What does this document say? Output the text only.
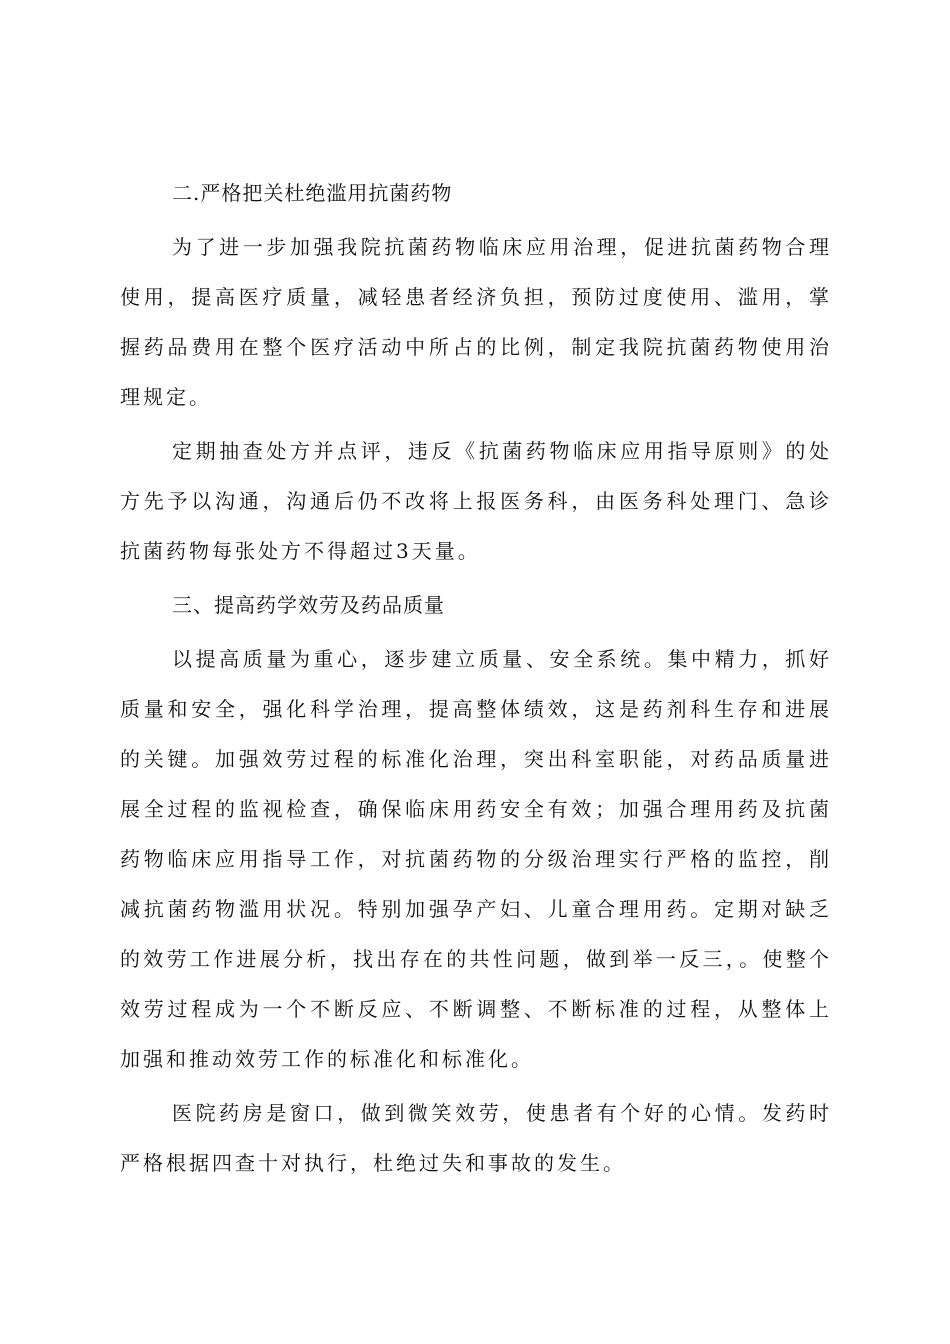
二.严格把关杜绝滥用抗菌药物

为了进一步加强我院抗菌药物临床应用治理，促进抗菌药物合理使用，提高医疗质量，减轻患者经济负担，预防过度使用、滥用，掌握药品费用在整个医疗活动中所占的比例，制定我院抗菌药物使用治理规定。

定期抽查处方并点评，违反《抗菌药物临床应用指导原则》的处方先予以沟通，沟通后仍不改将上报医务科，由医务科处理门、急诊抗菌药物每张处方不得超过3天量。

三、提高药学效劳及药品质量

以提高质量为重心，逐步建立质量、安全系统。集中精力，抓好质量和安全，强化科学治理，提高整体绩效，这是药剂科生存和进展的关键。加强效劳过程的标准化治理，突出科室职能，对药品质量进展全过程的监视检查，确保临床用药安全有效；加强合理用药及抗菌药物临床应用指导工作，对抗菌药物的分级治理实行严格的监控，削减抗菌药物滥用状况。特别加强孕产妇、儿童合理用药。定期对缺乏的效劳工作进展分析，找出存在的共性问题，做到举一反三，。使整个效劳过程成为一个不断反应、不断调整、不断标准的过程，从整体上加强和推动效劳工作的标准化和标准化。

医院药房是窗口，做到微笑效劳，使患者有个好的心情。发药时严格根据四查十对执行，杜绝过失和事故的发生。
